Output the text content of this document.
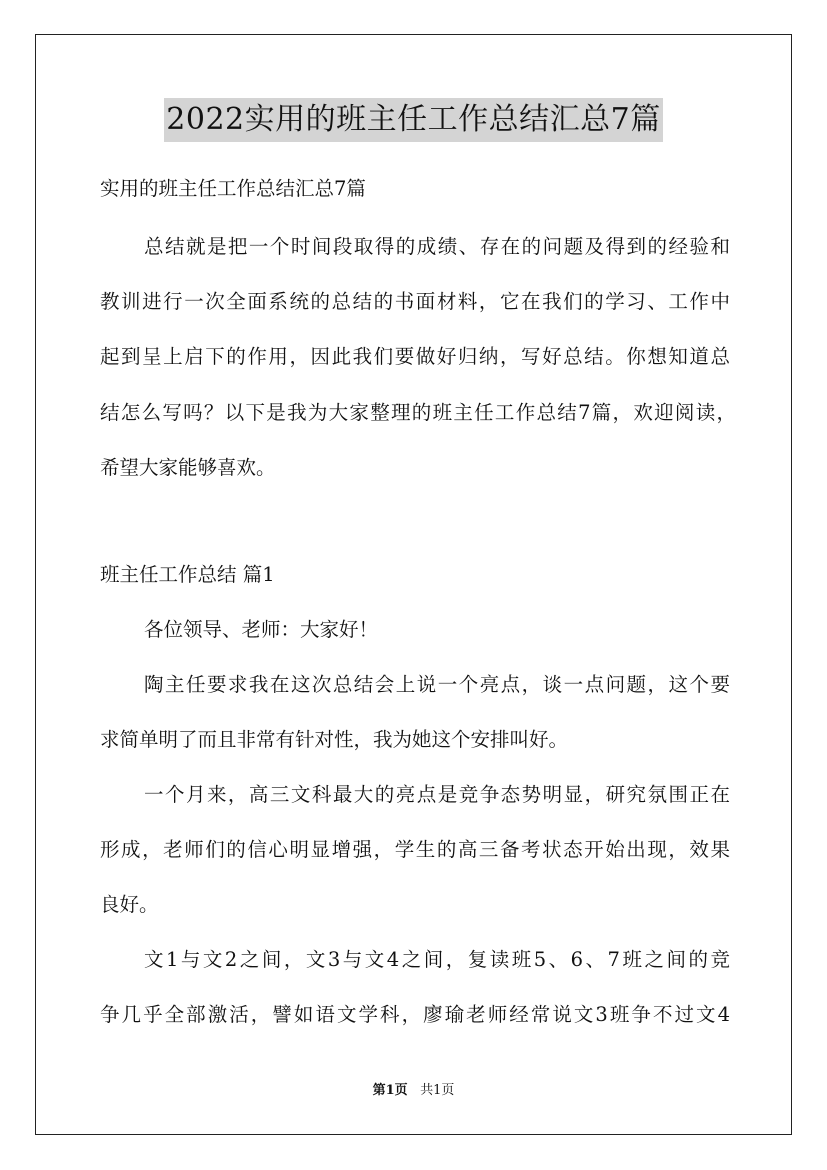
2022实用的班主任工作总结汇总7篇

实用的班主任工作总结汇总7篇

总结就是把一个时间段取得的成绩、存在的问题及得到的经验和

教训进行一次全面系统的总结的书面材料，它在我们的学习、工作中

起到呈上启下的作用，因此我们要做好归纳，写好总结。你想知道总

结怎么写吗？以下是我为大家整理的班主任工作总结7篇，欢迎阅读，

希望大家能够喜欢。

班主任工作总结 篇1

各位领导、老师：大家好！

陶主任要求我在这次总结会上说一个亮点，谈一点问题，这个要

求简单明了而且非常有针对性，我为她这个安排叫好。

一个月来，高三文科最大的亮点是竞争态势明显，研究氛围正在

形成，老师们的信心明显增强，学生的高三备考状态开始出现，效果

良好。

文1与文2之间，文3与文4之间，复读班5、6、7班之间的竞

争几乎全部激活，譬如语文学科，廖瑜老师经常说文3班争不过文4

第1页 共1页
